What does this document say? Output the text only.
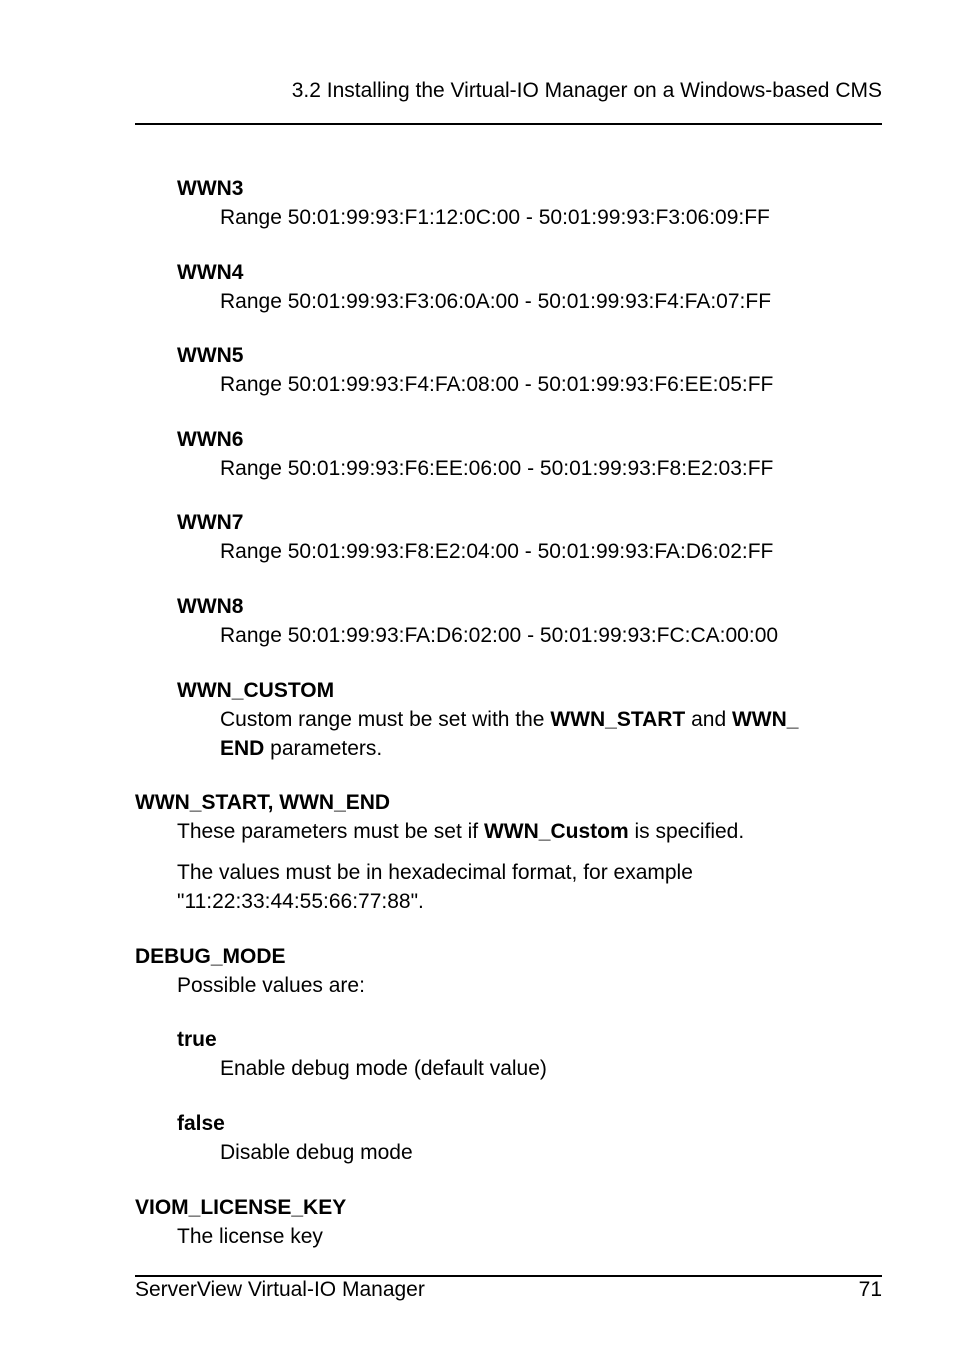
3.2 Installing the Virtual-IO Manager on a Windows-based CMS
WWN3
Range 50:01:99:93:F1:12:0C:00 - 50:01:99:93:F3:06:09:FF
WWN4
Range 50:01:99:93:F3:06:0A:00 - 50:01:99:93:F4:FA:07:FF
WWN5
Range 50:01:99:93:F4:FA:08:00 - 50:01:99:93:F6:EE:05:FF
WWN6
Range 50:01:99:93:F6:EE:06:00 - 50:01:99:93:F8:E2:03:FF
WWN7
Range 50:01:99:93:F8:E2:04:00 - 50:01:99:93:FA:D6:02:FF
WWN8
Range 50:01:99:93:FA:D6:02:00 - 50:01:99:93:FC:CA:00:00
WWN_CUSTOM
Custom range must be set with the WWN_START and WWN_
END parameters.
WWN_START, WWN_END
These parameters must be set if WWN_Custom is specified.
The values must be in hexadecimal format, for example
"11:22:33:44:55:66:77:88".
DEBUG_MODE
Possible values are:
true
Enable debug mode (default value)
false
Disable debug mode
VIOM_LICENSE_KEY
The license key
ServerView Virtual-IO Manager	71
